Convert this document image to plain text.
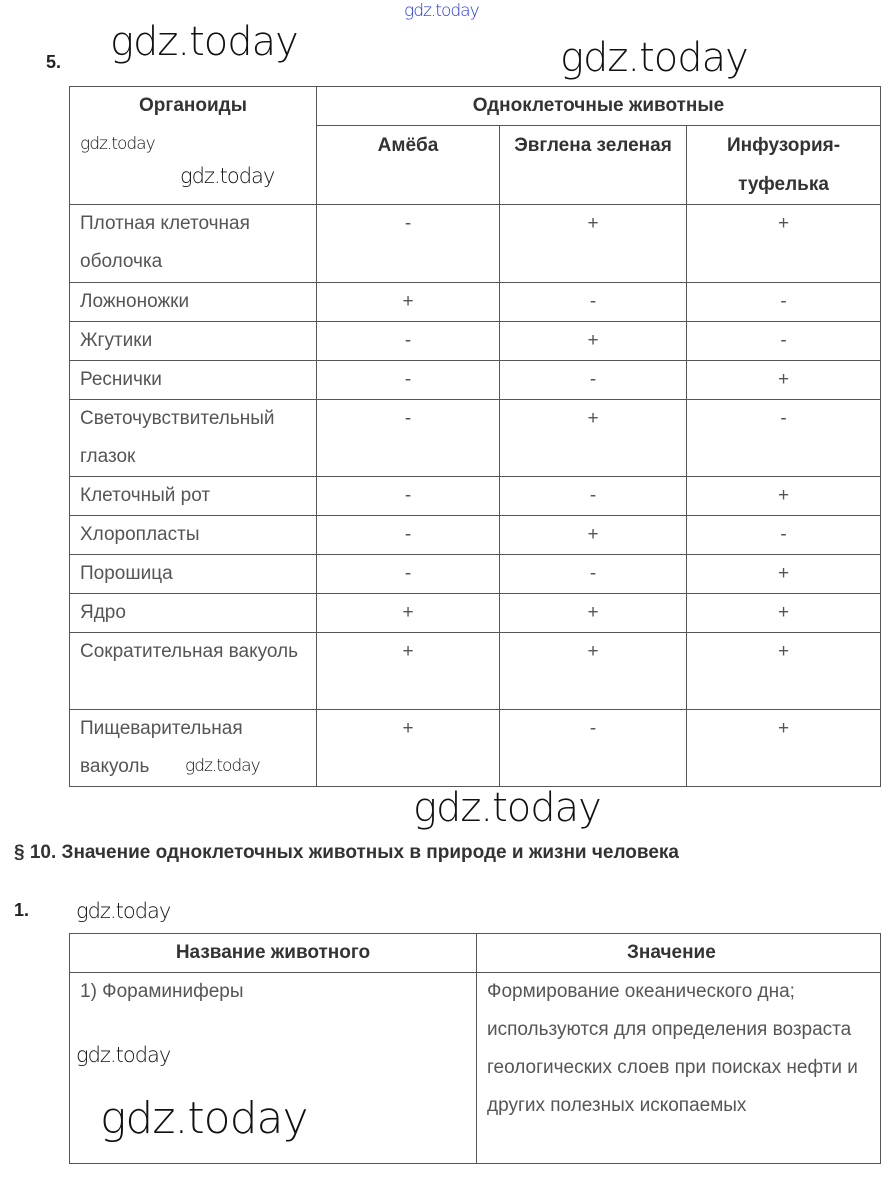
gdz.today
5.
Органоиды	Одноклеточные животные		
	Амёба	Эвглена зеленая	Инфузория-туфелька
Плотная клеточная оболочка	-	+	+
Ложноножки	+	-	-
Жгутики	-	+	-
Реснички	-	-	+
Светочувствительный глазок	-	+	-
Клеточный рот	-	-	+
Хлоропласты	-	+	-
Порошица	-	-	+
Ядро	+	+	+
Сократительная вакуоль	+	+	+
Пищеварительная вакуоль	+	-	+
§ 10. Значение одноклеточных животных в природе и жизни человека
1.
Название животного	Значение
1) Фораминиферы	Формирование океанического дна; используются для определения возраста геологических слоев при поисках нефти и других полезных ископаемых
gdz.today
gdz.today
gdz.today
gdz.today
gdz.today
gdz.today
gdz.today
gdz.today
gdz.today
